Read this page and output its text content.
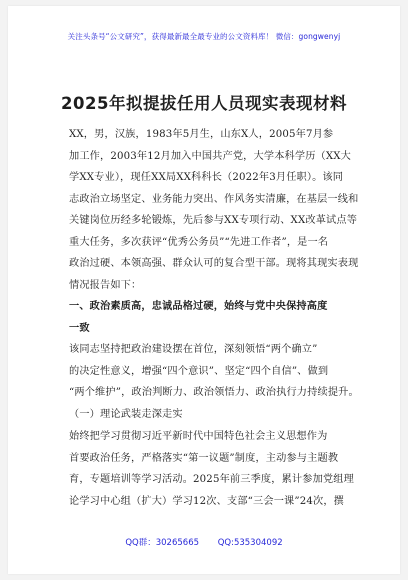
关注头条号“公文研究”，获得最新最全最专业的公文资料库！ 微信：gongwenyj
2025年拟提拔任用人员现实表现材料
XX，男，汉族，1983年5月生，山东X人，2005年7月参
加工作，2003年12月加入中国共产党，大学本科学历（XX大
学XX专业），现任XX局XX科科长（2022年3月任职）。该同
志政治立场坚定、业务能力突出、作风务实清廉，在基层一线和
关键岗位历经多轮锻炼，先后参与XX专项行动、XX改革试点等
重大任务，多次获评“优秀公务员”“先进工作者”，是一名
政治过硬、本领高强、群众认可的复合型干部。现将其现实表现
情况报告如下：
一、政治素质高，忠诚品格过硬，始终与党中央保持高度
一致
该同志坚持把政治建设摆在首位，深刻领悟“两个确立”
的决定性意义，增强“四个意识”、坚定“四个自信”、做到
“两个维护”，政治判断力、政治领悟力、政治执行力持续提升。
（一）理论武装走深走实
始终把学习贯彻习近平新时代中国特色社会主义思想作为
首要政治任务，严格落实“第一议题”制度，主动参与主题教
育，专题培训等学习活动。2025年前三季度，累计参加党组理
论学习中心组（扩大）学习12次、支部“三会一课”24次，撰
QQ群：30265665 QQ:535304092
